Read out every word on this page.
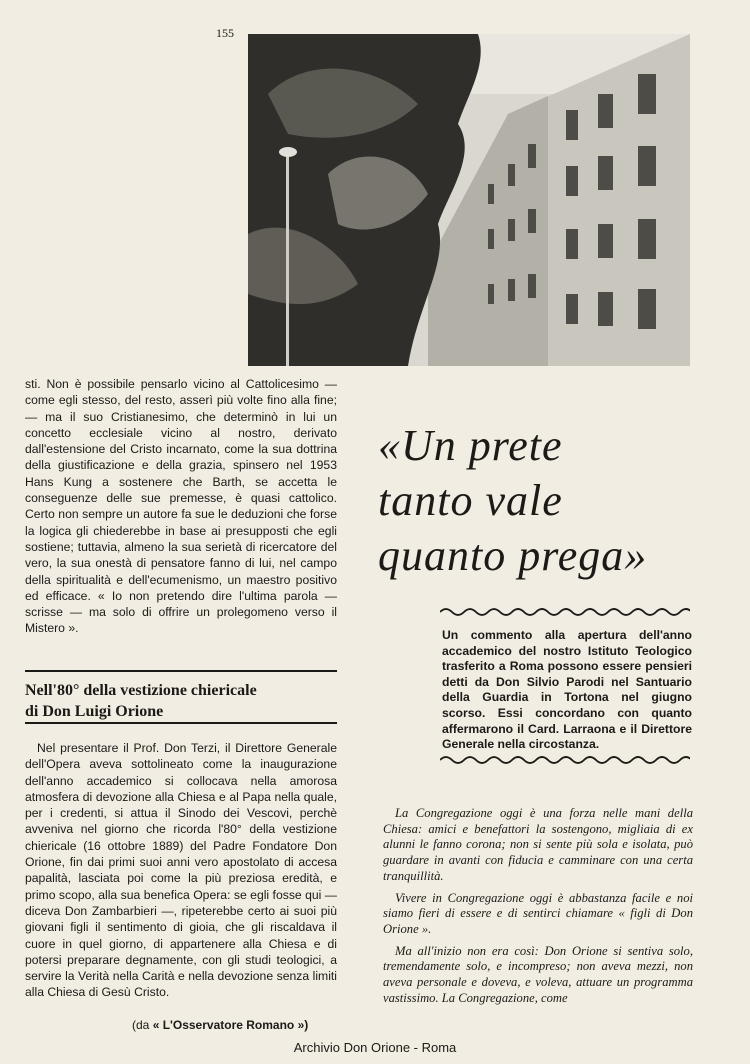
155

sti. Non è possibile pensarlo vicino al Cattolicesimo — come egli stesso, del resto, asserì più volte fino alla fine; — ma il suo Cristianesimo, che determinò in lui un concetto ecclesiale vicino al nostro, derivato dall'estensione del Cristo incarnato, come la sua dottrina della giustificazione e della grazia, spinsero nel 1953 Hans Kung a sostenere che Barth, se accetta le conseguenze delle sue premesse, è quasi cattolico. Certo non sempre un autore fa sue le deduzioni che forse la logica gli chiederebbe in base ai presupposti che egli sostiene; tuttavia, almeno la sua serietà di ricercatore del vero, la sua onestà di pensatore fanno di lui, nel campo della spiritualità e dell'ecumenismo, un maestro positivo ed efficace. « Io non pretendo dire l'ultima parola — scrisse — ma solo di offrire un prolegomeno verso il Mistero ».

Nell'80° della vestizione chiericale
di Don Luigi Orione

Nel presentare il Prof. Don Terzi, il Direttore Generale dell'Opera aveva sottolineato come la inaugurazione dell'anno accademico si collocava nella amorosa atmosfera di devozione alla Chiesa e al Papa nella quale, per i credenti, si attua il Sinodo dei Vescovi, perchè avveniva nel giorno che ricorda l'80° della vestizione chiericale (16 ottobre 1889) del Padre Fondatore Don Orione, fin dai primi suoi anni vero apostolato di accesa papalità, lasciata poi come la più preziosa eredità, e primo scopo, alla sua benefica Opera: se egli fosse qui — diceva Don Zambarbieri —, ripeterebbe certo ai suoi più giovani figli il sentimento di gioia, che gli riscaldava il cuore in quel giorno, di appartenere alla Chiesa e di potersi preparare degnamente, con gli studi teologici, a servire la Verità nella Carità e nella devozione senza limiti alla Chiesa di Gesù Cristo.

(da « L'Osservatore Romano »)
«Un prete
tanto vale
quanto prega»
Un commento alla apertura dell'anno accademico del nostro Istituto Teologico trasferito a Roma possono essere pensieri detti da Don Silvio Parodi nel Santuario della Guardia in Tortona nel giugno scorso. Essi concordano con quanto affermarono il Card. Larraona e il Direttore Generale nella circostanza.

La Congregazione oggi è una forza nelle mani della Chiesa: amici e benefattori la sostengono, migliaia di ex alunni le fanno corona; non si sente più sola e isolata, può guardare in avanti con fiducia e camminare con una certa tranquillità.

Vivere in Congregazione oggi è abbastanza facile e noi siamo fieri di essere e di sentirci chiamare « figli di Don Orione ».

Ma all'inizio non era così: Don Orione si sentiva solo, tremendamente solo, e incompreso; non aveva mezzi, non aveva personale e doveva, e voleva, attuare un programma vastissimo. La Congregazione, come

Archivio Don Orione - Roma
